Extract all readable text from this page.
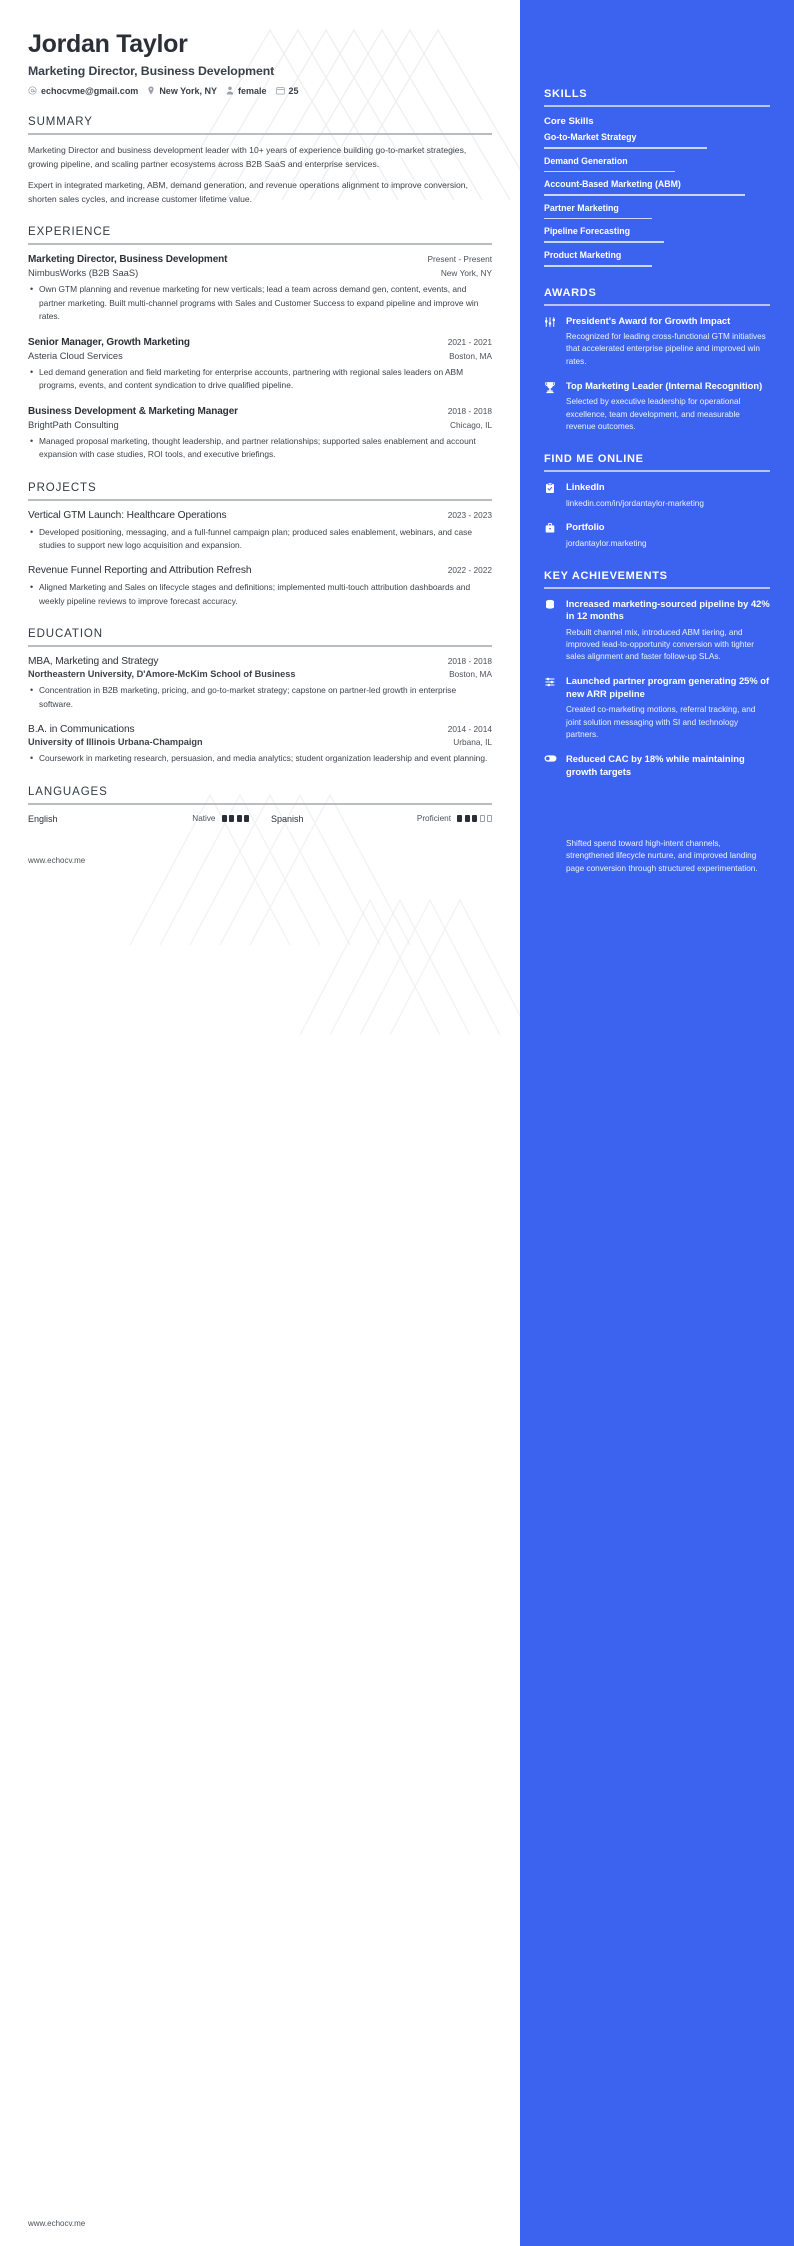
Jordan Taylor
Marketing Director, Business Development
echocvme@gmail.com New York, NY female 25
SUMMARY

Marketing Director and business development leader with 10+ years of experience building go-to-market strategies, growing pipeline, and scaling partner ecosystems across B2B SaaS and enterprise services.

Expert in integrated marketing, ABM, demand generation, and revenue operations alignment to improve conversion, shorten sales cycles, and increase customer lifetime value.

EXPERIENCE
Marketing Director, Business Development	Present - Present
NimbusWorks (B2B SaaS)	New York, NY
• Own GTM planning and revenue marketing for new verticals; lead a team across demand gen, content, events, and partner marketing. Built multi-channel programs with Sales and Customer Success to expand pipeline and improve win rates.
Senior Manager, Growth Marketing	2021 - 2021
Asteria Cloud Services	Boston, MA
• Led demand generation and field marketing for enterprise accounts, partnering with regional sales leaders on ABM programs, events, and content syndication to drive qualified pipeline.
Business Development & Marketing Manager	2018 - 2018
BrightPath Consulting	Chicago, IL
• Managed proposal marketing, thought leadership, and partner relationships; supported sales enablement and account expansion with case studies, ROI tools, and executive briefings.
PROJECTS
Vertical GTM Launch: Healthcare Operations	2023 - 2023
• Developed positioning, messaging, and a full-funnel campaign plan; produced sales enablement, webinars, and case studies to support new logo acquisition and expansion.
Revenue Funnel Reporting and Attribution Refresh	2022 - 2022
• Aligned Marketing and Sales on lifecycle stages and definitions; implemented multi-touch attribution dashboards and weekly pipeline reviews to improve forecast accuracy.
EDUCATION
MBA, Marketing and Strategy	2018 - 2018
Northeastern University, D'Amore-McKim School of Business	Boston, MA
• Concentration in B2B marketing, pricing, and go-to-market strategy; capstone on partner-led growth in enterprise software.
B.A. in Communications	2014 - 2014
University of Illinois Urbana-Champaign	Urbana, IL
• Coursework in marketing research, persuasion, and media analytics; student organization leadership and event planning.
LANGUAGES
English	Native	Spanish	Proficient
www.echocv.me
SKILLS
Core Skills
Go-to-Market Strategy
Demand Generation
Account-Based Marketing (ABM)
Partner Marketing
Pipeline Forecasting
Product Marketing
AWARDS
President's Award for Growth Impact
Recognized for leading cross-functional GTM initiatives that accelerated enterprise pipeline and improved win rates.
Top Marketing Leader (Internal Recognition)
Selected by executive leadership for operational excellence, team development, and measurable revenue outcomes.
FIND ME ONLINE
LinkedIn
linkedin.com/in/jordantaylor-marketing
Portfolio
jordantaylor.marketing
KEY ACHIEVEMENTS
Increased marketing-sourced pipeline by 42% in 12 months
Rebuilt channel mix, introduced ABM tiering, and improved lead-to-opportunity conversion with tighter sales alignment and faster follow-up SLAs.
Launched partner program generating 25% of new ARR pipeline
Created co-marketing motions, referral tracking, and joint solution messaging with SI and technology partners.
Reduced CAC by 18% while maintaining growth targets
Shifted spend toward high-intent channels, strengthened lifecycle nurture, and improved landing page conversion through structured experimentation.
www.echocv.me
